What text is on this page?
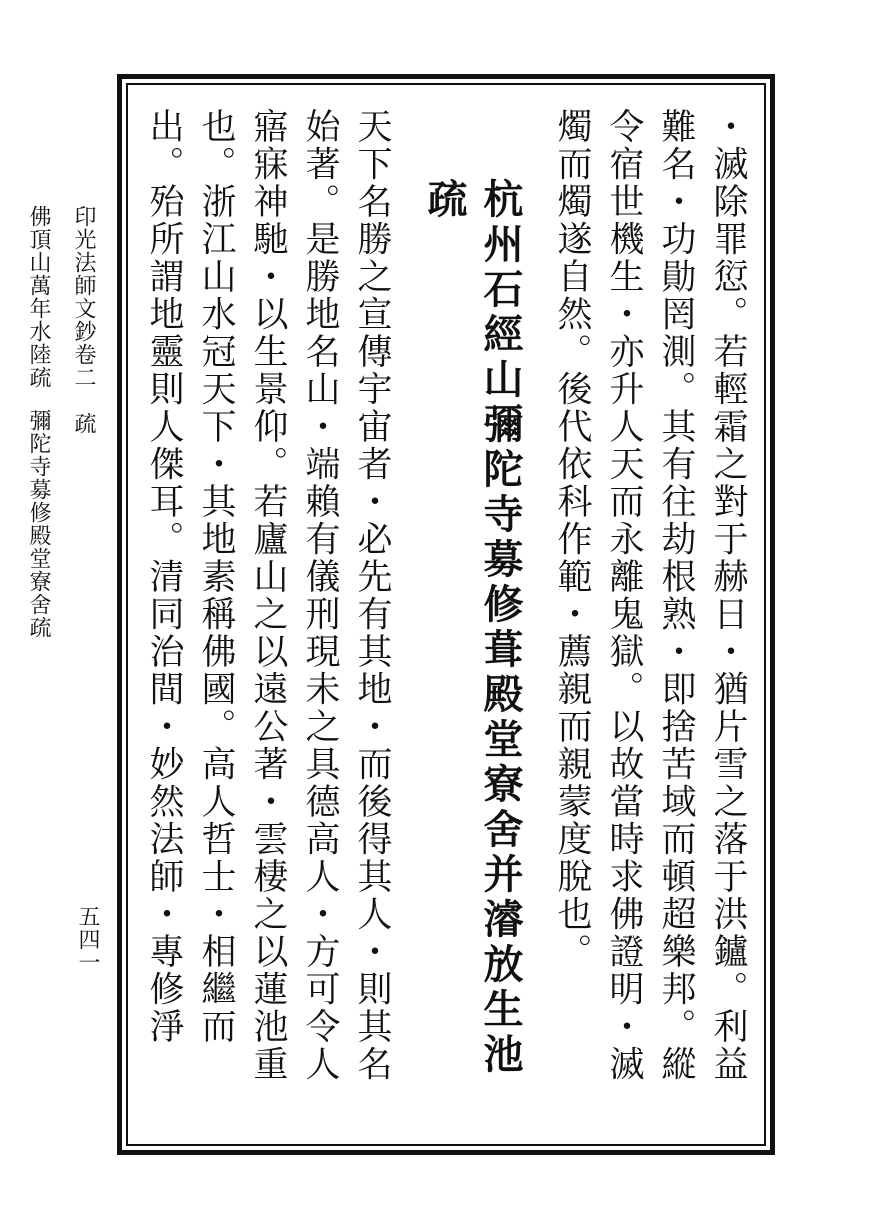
佛頂山萬年水陸疏彌陀寺募修殿堂寮舍疏
印光法師文鈔卷二　疏
五四一	・滅除罪愆。若輕霜之對于赫日・猶片雪之落于洪鑪。利益難名・功勛罔測。其有往劫根熟・即捨苦域而頓超樂邦。縱令宿世機生・亦升人天而永離鬼獄。以故當時求佛證明・滅燭而燭遂自然。後代依科作範・薦親而親蒙度脫也。

杭州石經山彌陀寺募修葺殿堂寮舍并濬放生池疏

天下名勝之宣傳宇宙者・必先有其地・而後得其人・則其名始著。是勝地名山・端賴有儀刑現未之具德高人・方可令人寤寐神馳・以生景仰。若廬山之以遠公著・雲棲之以蓮池重也。浙江山水冠天下・其地素稱佛國。高人哲士・相繼而出。殆所謂地靈則人傑耳。清同治間・妙然法師・專修淨
